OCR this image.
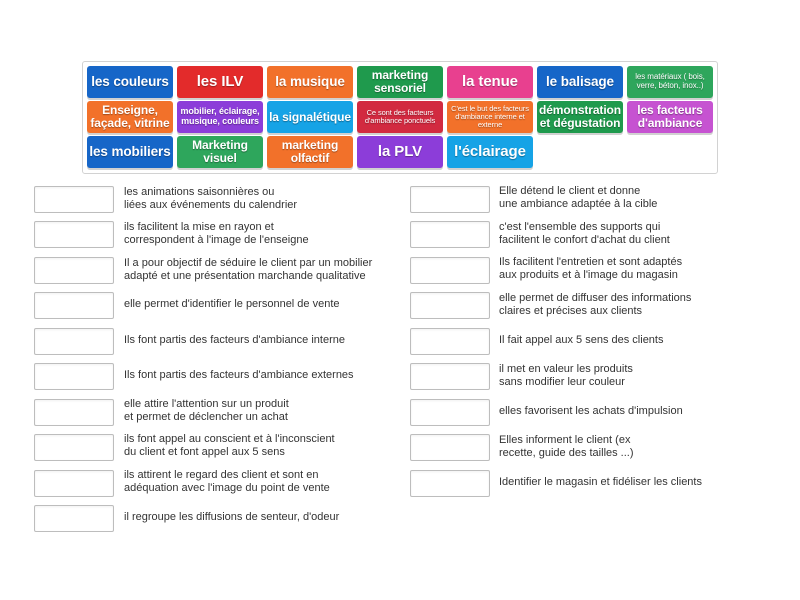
les couleurs	les ILV	la musique	marketing sensoriel	la tenue	le balisage	les matériaux ( bois, verre, béton, inox..)
Enseigne, façade, vitrine
mobilier, éclairage, musique, couleurs la signalétique	Ce sont des facteurs d'ambiance ponctuels
C'est le but des facteurs d'ambiance interne et externe
démonstration et dégustation
les facteurs d'ambiance
les mobiliers	Marketing visuel
marketing olfactif	la PLV	l'éclairage
les animations saisonnières ou
liées aux événements du calendrier
ils facilitent la mise en rayon et
correspondent à l'image de l'enseigne
Il a pour objectif de séduire le client par un mobilier
adapté et une présentation marchande qualitative
elle permet d'identifier le personnel de vente
Ils font partis des facteurs d'ambiance interne
Ils font partis des facteurs d'ambiance externes
elle attire l'attention sur un produit
et permet de déclencher un achat
ils font appel au conscient et à l'inconscient
du client et font appel aux 5 sens
ils attirent le regard des client et sont en
adéquation avec l'image du point de vente
il regroupe les diffusions de senteur, d'odeur
Elle détend le client et donne
une ambiance adaptée à la cible
c'est l'ensemble des supports qui
facilitent le confort d'achat du client
Ils facilitent l'entretien et sont adaptés
aux produits et à l'image du magasin
elle permet de diffuser des informations
claires et précises aux clients
Il fait appel aux 5 sens des clients
il met en valeur les produits
sans modifier leur couleur
elles favorisent les achats d'impulsion
Elles informent le client (ex
recette, guide des tailles ...)
Identifier le magasin et fidéliser les clients
